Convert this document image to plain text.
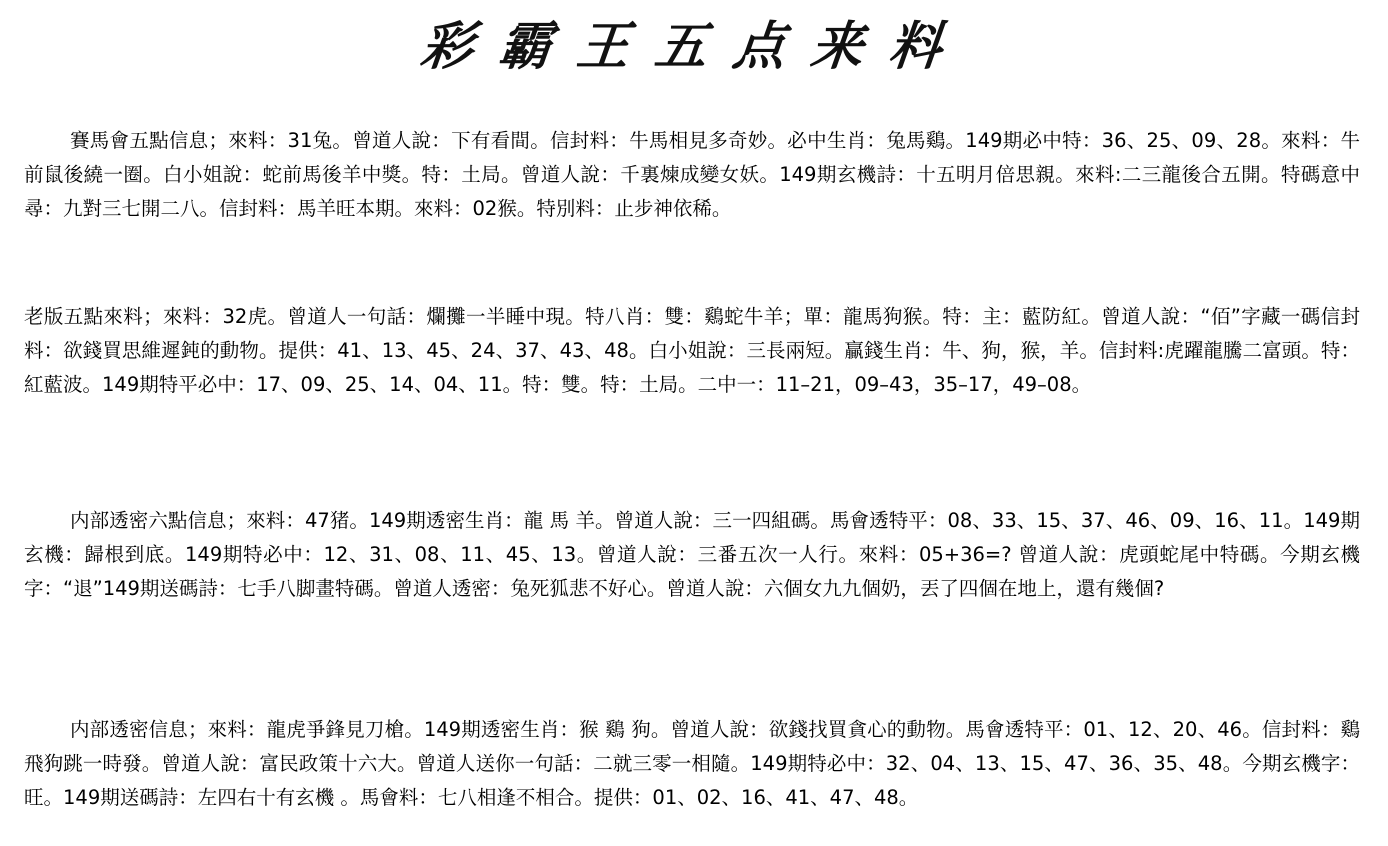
彩霸王五点来料

賽馬會五點信息；來料：31兔。曾道人說：下有看間。信封料：牛馬相見多奇妙。必中生肖：兔馬鷄。149期必中特：36、25、09、28。來料：牛前鼠後繞一圈。白小姐說：蛇前馬後羊中獎。特：土局。曾道人說：千裏煉成變女妖。149期玄機詩：十五明月倍思親。來料:二三龍後合五開。特碼意中尋：九對三七開二八。信封料：馬羊旺本期。來料：02猴。特別料：止步神依稀。

老版五點來料；來料：32虎。曾道人一句話：爛攤一半睡中現。特八肖：雙：鷄蛇牛羊；單：龍馬狗猴。特：主：藍防紅。曾道人說：“佰”字藏一碼信封料：欲錢買思維遲鈍的動物。提供：41、13、45、24、37、43、48。白小姐說：三長兩短。贏錢生肖：牛、狗，猴，羊。信封料:虎躍龍騰二富頭。特：紅藍波。149期特平必中：17、09、25、14、04、11。特：雙。特：土局。二中一：11–21，09–43，35–17，49–08。

内部透密六點信息；來料：47猪。149期透密生肖：龍 馬 羊。曾道人說：三一四組碼。馬會透特平：08、33、15、37、46、09、16、11。149期玄機：歸根到底。149期特必中：12、31、08、11、45、13。曾道人說：三番五次一人行。來料：05+36=? 曾道人說：虎頭蛇尾中特碼。今期玄機字：“退”149期送碼詩：七手八脚畫特碼。曾道人透密：兔死狐悲不好心。曾道人說：六個女九九個奶，丟了四個在地上，還有幾個?

内部透密信息；來料：龍虎爭鋒見刀槍。149期透密生肖：猴 鷄 狗。曾道人說：欲錢找買貪心的動物。馬會透特平：01、12、20、46。信封料：鷄飛狗跳一時發。曾道人說：富民政策十六大。曾道人送你一句話：二就三零一相隨。149期特必中：32、04、13、15、47、36、35、48。今期玄機字：旺。149期送碼詩：左四右十有玄機 。馬會料：七八相逢不相合。提供：01、02、16、41、47、48。
